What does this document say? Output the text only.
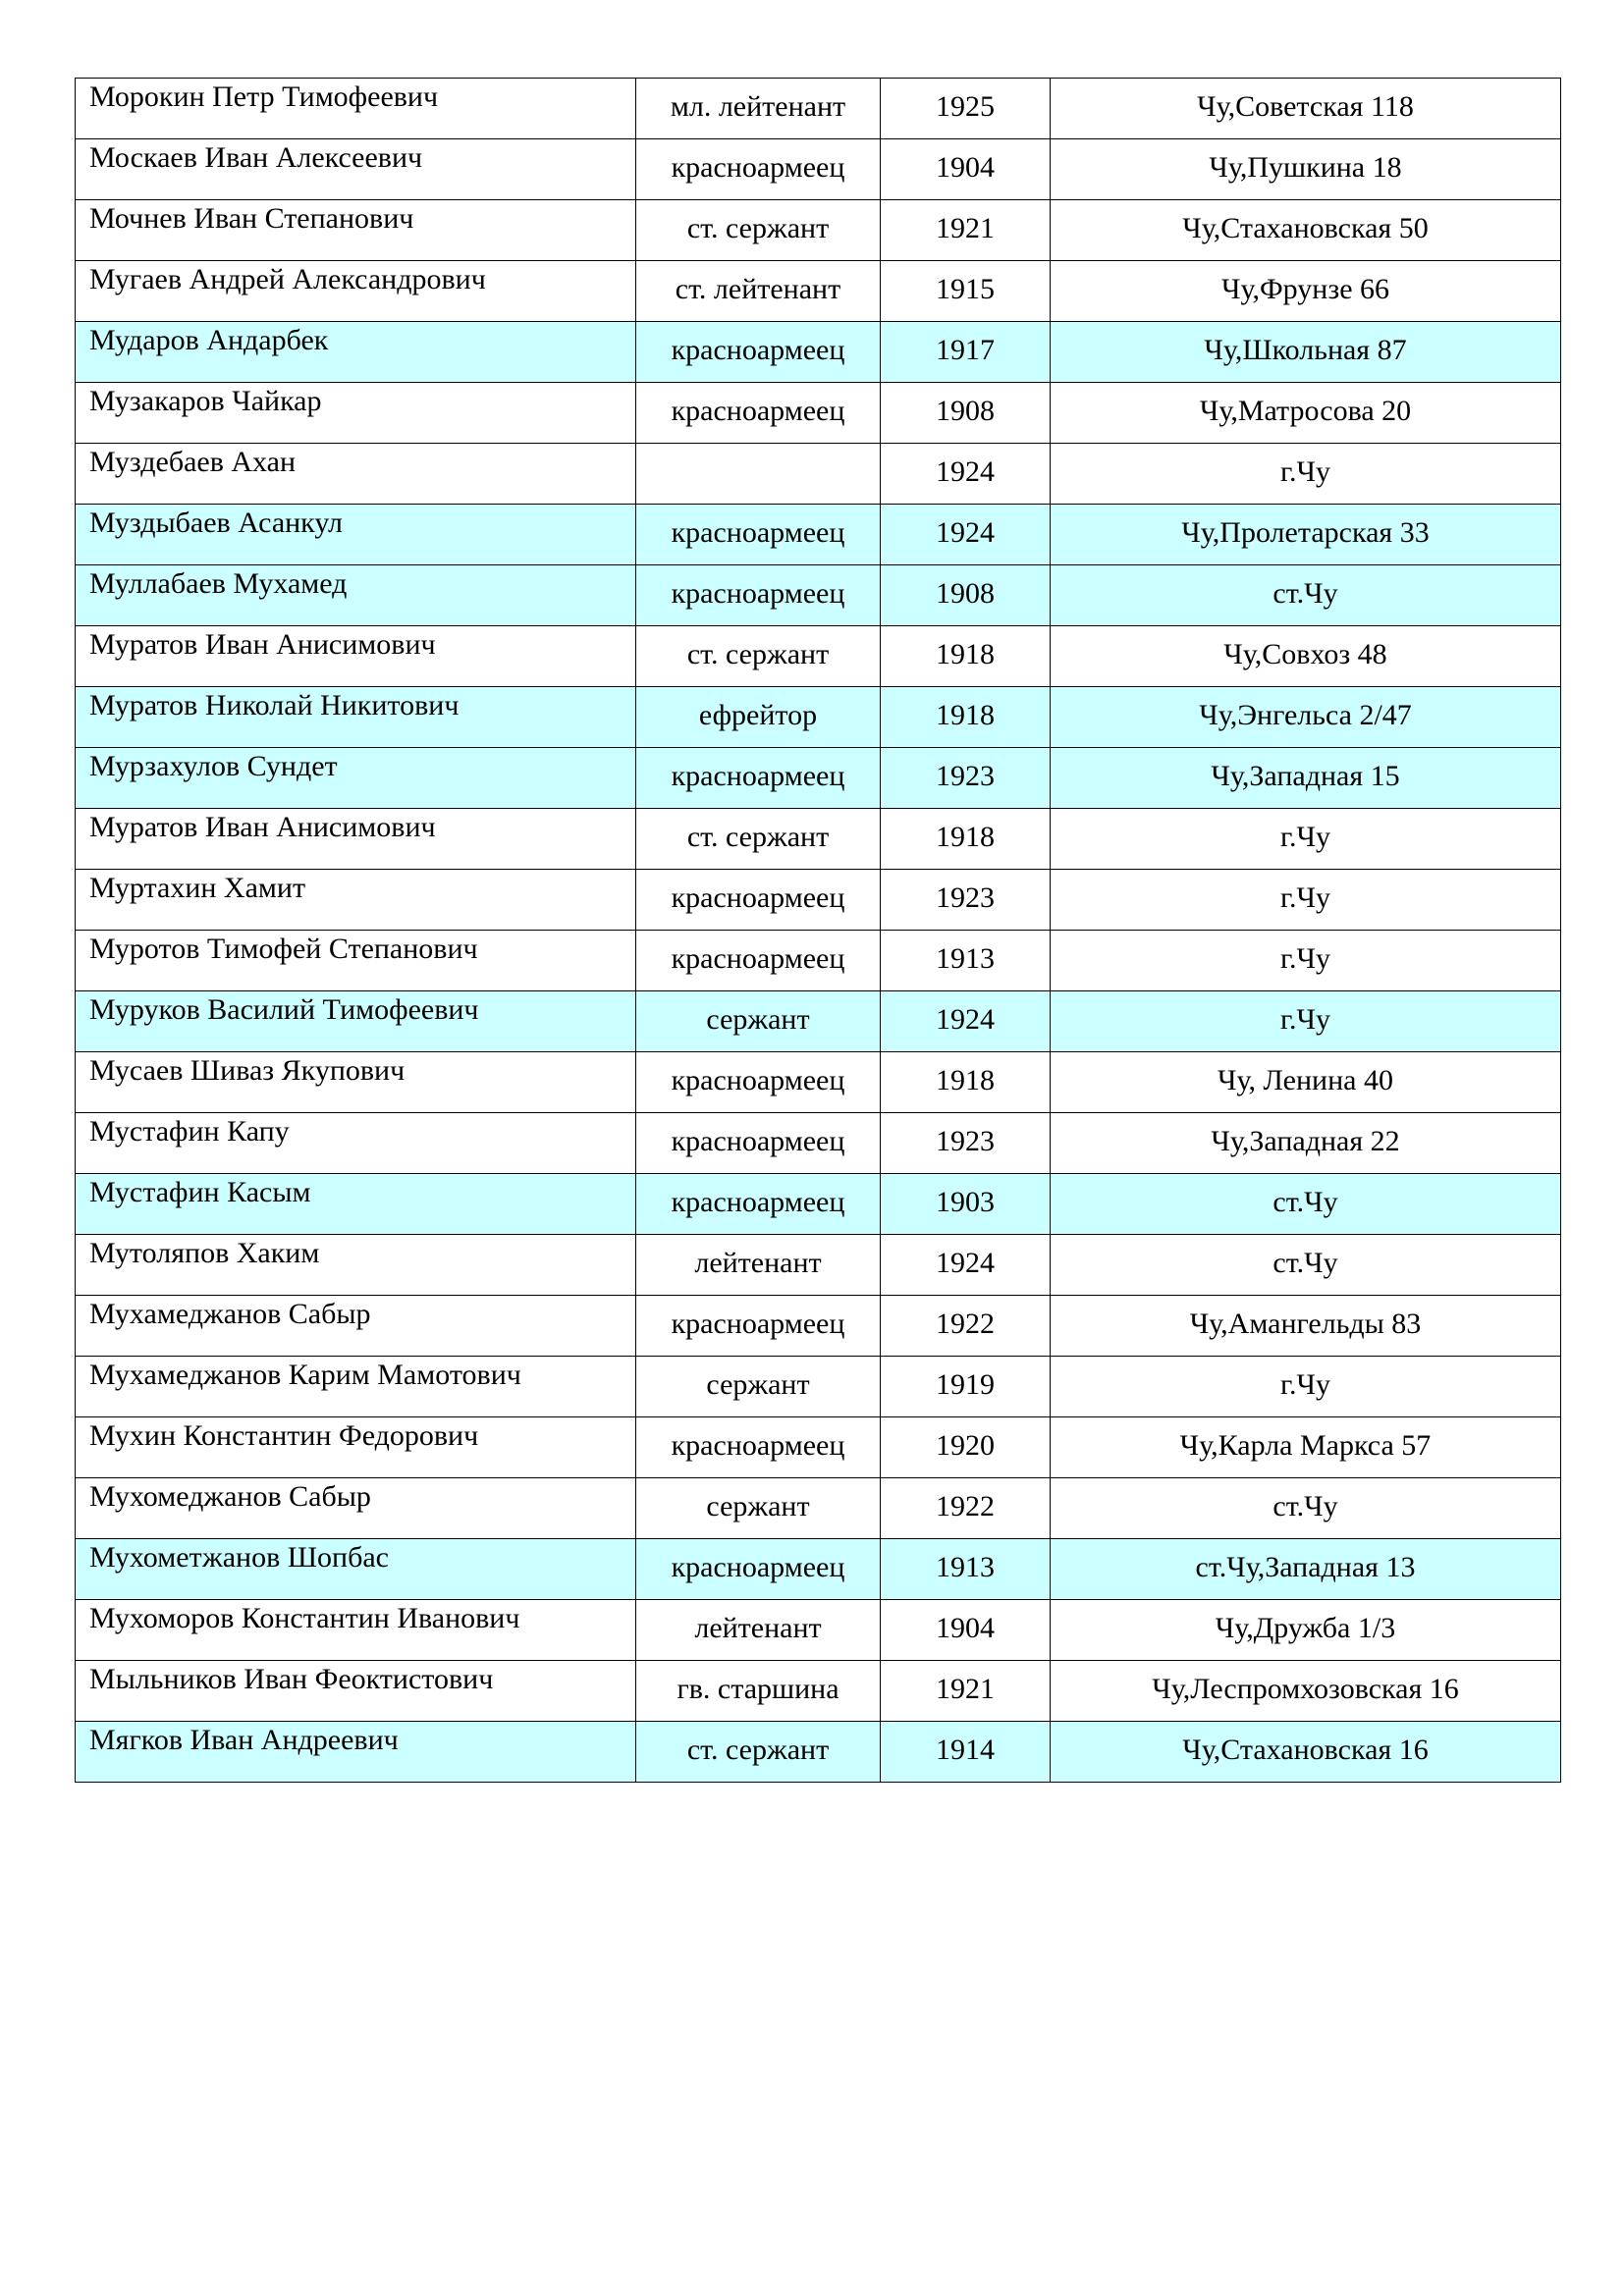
Морокин Петр Тимофеевич	мл. лейтенант	1925	Чу,Советская 118
Москаев Иван Алексеевич	красноармеец	1904	Чу,Пушкина 18
Мочнев Иван Степанович	ст. сержант	1921	Чу,Стахановская 50
Мугаев Андрей Александрович	ст. лейтенант	1915	Чу,Фрунзе 66
Мударов Андарбек	красноармеец	1917	Чу,Школьная 87
Музакаров Чайкар	красноармеец	1908	Чу,Матросова 20
Муздебаев Ахан		1924	г.Чу
Муздыбаев Асанкул	красноармеец	1924	Чу,Пролетарская 33
Муллабаев Мухамед	красноармеец	1908	ст.Чу
Муратов Иван Анисимович	ст. сержант	1918	Чу,Совхоз 48
Муратов Николай Никитович	ефрейтор	1918	Чу,Энгельса 2/47
Мурзахулов Сундет	красноармеец	1923	Чу,Западная 15
Муратов Иван Анисимович	ст. сержант	1918	г.Чу
Муртахин Хамит	красноармеец	1923	г.Чу
Муротов Тимофей Степанович	красноармеец	1913	г.Чу
Муруков Василий Тимофеевич	сержант	1924	г.Чу
Мусаев Шиваз Якупович	красноармеец	1918	Чу, Ленина 40
Мустафин Капу	красноармеец	1923	Чу,Западная 22
Мустафин Касым	красноармеец	1903	ст.Чу
Мутоляпов Хаким	лейтенант	1924	ст.Чу
Мухамеджанов Сабыр	красноармеец	1922	Чу,Амангельды 83
Мухамеджанов Карим Мамотович	сержант	1919	г.Чу
Мухин Константин Федорович	красноармеец	1920	Чу,Карла Маркса 57
Мухомеджанов Сабыр	сержант	1922	ст.Чу
Мухометжанов Шопбас	красноармеец	1913	ст.Чу,Западная 13
Мухоморов Константин Иванович	лейтенант	1904	Чу,Дружба 1/3
Мыльников Иван Феоктистович	гв. старшина	1921	Чу,Леспромхозовская 16
Мягков Иван Андреевич	ст. сержант	1914	Чу,Стахановская 16
